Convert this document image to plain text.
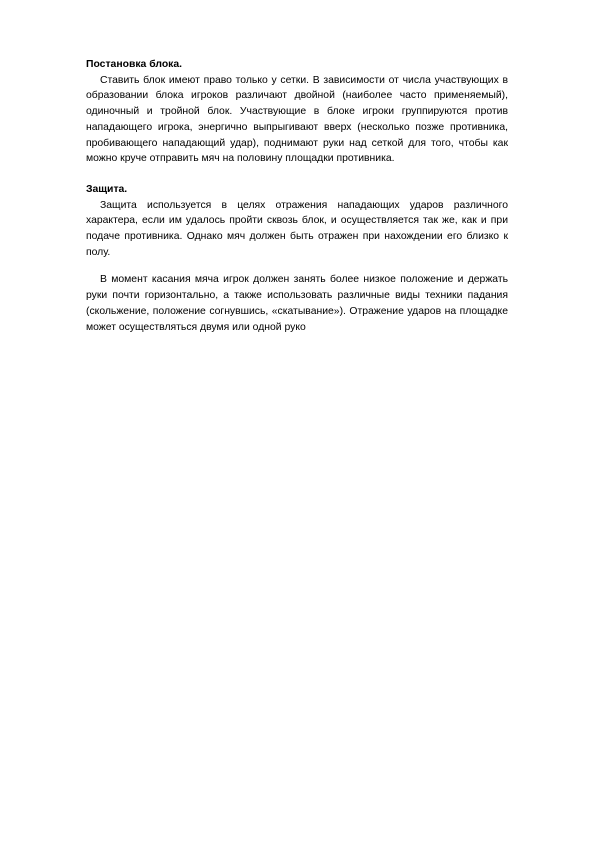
Постановка блока.

Ставить блок имеют право только у сетки. В зависимости от числа участвующих в образовании блока игроков различают двойной (наиболее часто применяемый), одиночный и тройной блок. Участвующие в блоке игроки группируются против нападающего игрока, энергично выпрыгивают вверх (несколько позже противника, пробивающего нападающий удар), поднимают руки над сеткой для того, чтобы как можно круче отправить мяч на половину площадки противника.

Защита.

Защита используется в целях отражения нападающих ударов различного характера, если им удалось пройти сквозь блок, и осуществляется так же, как и при подаче противника. Однако мяч должен быть отражен при нахождении его близко к полу.

В момент касания мяча игрок должен занять более низкое положение и держать руки почти горизонтально, а также использовать различные виды техники падания (скольжение, положение согнувшись, «скатывание»). Отражение ударов на площадке может осуществляться двумя или одной руко
